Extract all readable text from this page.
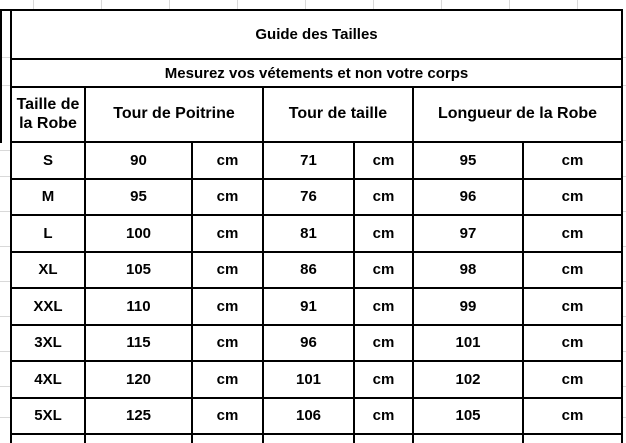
Guide des Tailles						
Mesurez vos vétements et non votre corps						
Taille de la Robe	Tour de Poitrine		Tour de taille		Longueur de la Robe	
S	90	cm	71	cm	95	cm
M	95	cm	76	cm	96	cm
L	100	cm	81	cm	97	cm
XL	105	cm	86	cm	98	cm
XXL	110	cm	91	cm	99	cm
3XL	115	cm	96	cm	101	cm
4XL	120	cm	101	cm	102	cm
5XL	125	cm	106	cm	105	cm
